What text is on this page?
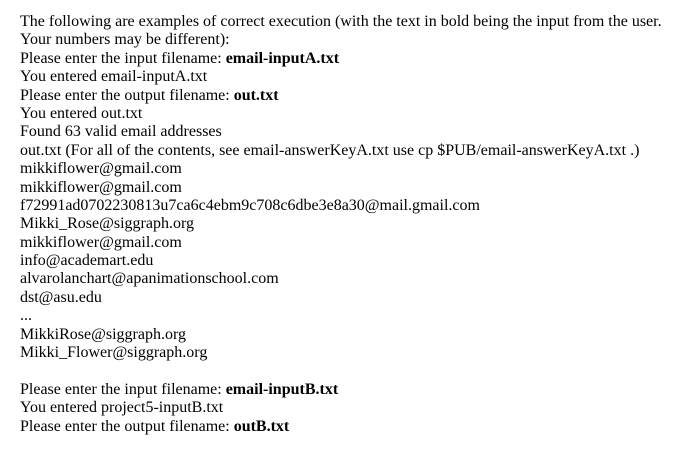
The following are examples of correct execution (with the text in bold being the input from the user.
Your numbers may be different):
Please enter the input filename: email-inputA.txt
You entered email-inputA.txt
Please enter the output filename: out.txt
You entered out.txt
Found 63 valid email addresses
out.txt (For all of the contents, see email-answerKeyA.txt use cp $PUB/email-answerKeyA.txt .)
mikkiflower@gmail.com
mikkiflower@gmail.com
f72991ad0702230813u7ca6c4ebm9c708c6dbe3e8a30@mail.gmail.com
Mikki_Rose@siggraph.org
mikkiflower@gmail.com
info@academart.edu
alvarolanchart@apanimationschool.com
dst@asu.edu
...
MikkiRose@siggraph.org
Mikki_Flower@siggraph.org
Please enter the input filename: email-inputB.txt
You entered project5-inputB.txt
Please enter the output filename: outB.txt
